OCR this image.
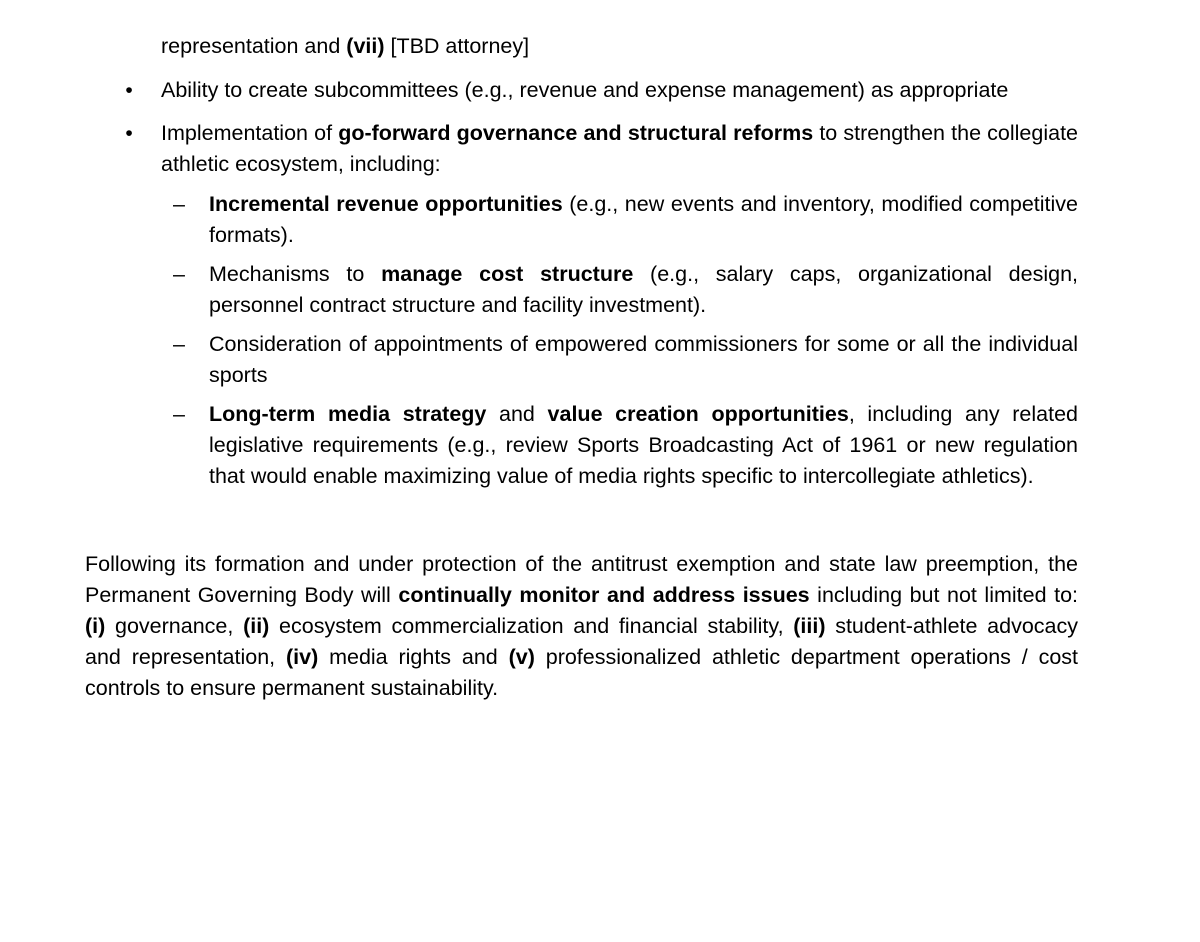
representation and (vii) [TBD attorney]
• Ability to create subcommittees (e.g., revenue and expense management) as appropriate
• Implementation of go-forward governance and structural reforms to strengthen the collegiate athletic ecosystem, including:
– Incremental revenue opportunities (e.g., new events and inventory, modified competitive formats).
– Mechanisms to manage cost structure (e.g., salary caps, organizational design, personnel contract structure and facility investment).
– Consideration of appointments of empowered commissioners for some or all the individual sports
– Long-term media strategy and value creation opportunities, including any related legislative requirements (e.g., review Sports Broadcasting Act of 1961 or new regulation that would enable maximizing value of media rights specific to intercollegiate athletics).
Following its formation and under protection of the antitrust exemption and state law preemption, the Permanent Governing Body will continually monitor and address issues including but not limited to: (i) governance, (ii) ecosystem commercialization and financial stability, (iii) student-athlete advocacy and representation, (iv) media rights and (v) professionalized athletic department operations / cost controls to ensure permanent sustainability.
